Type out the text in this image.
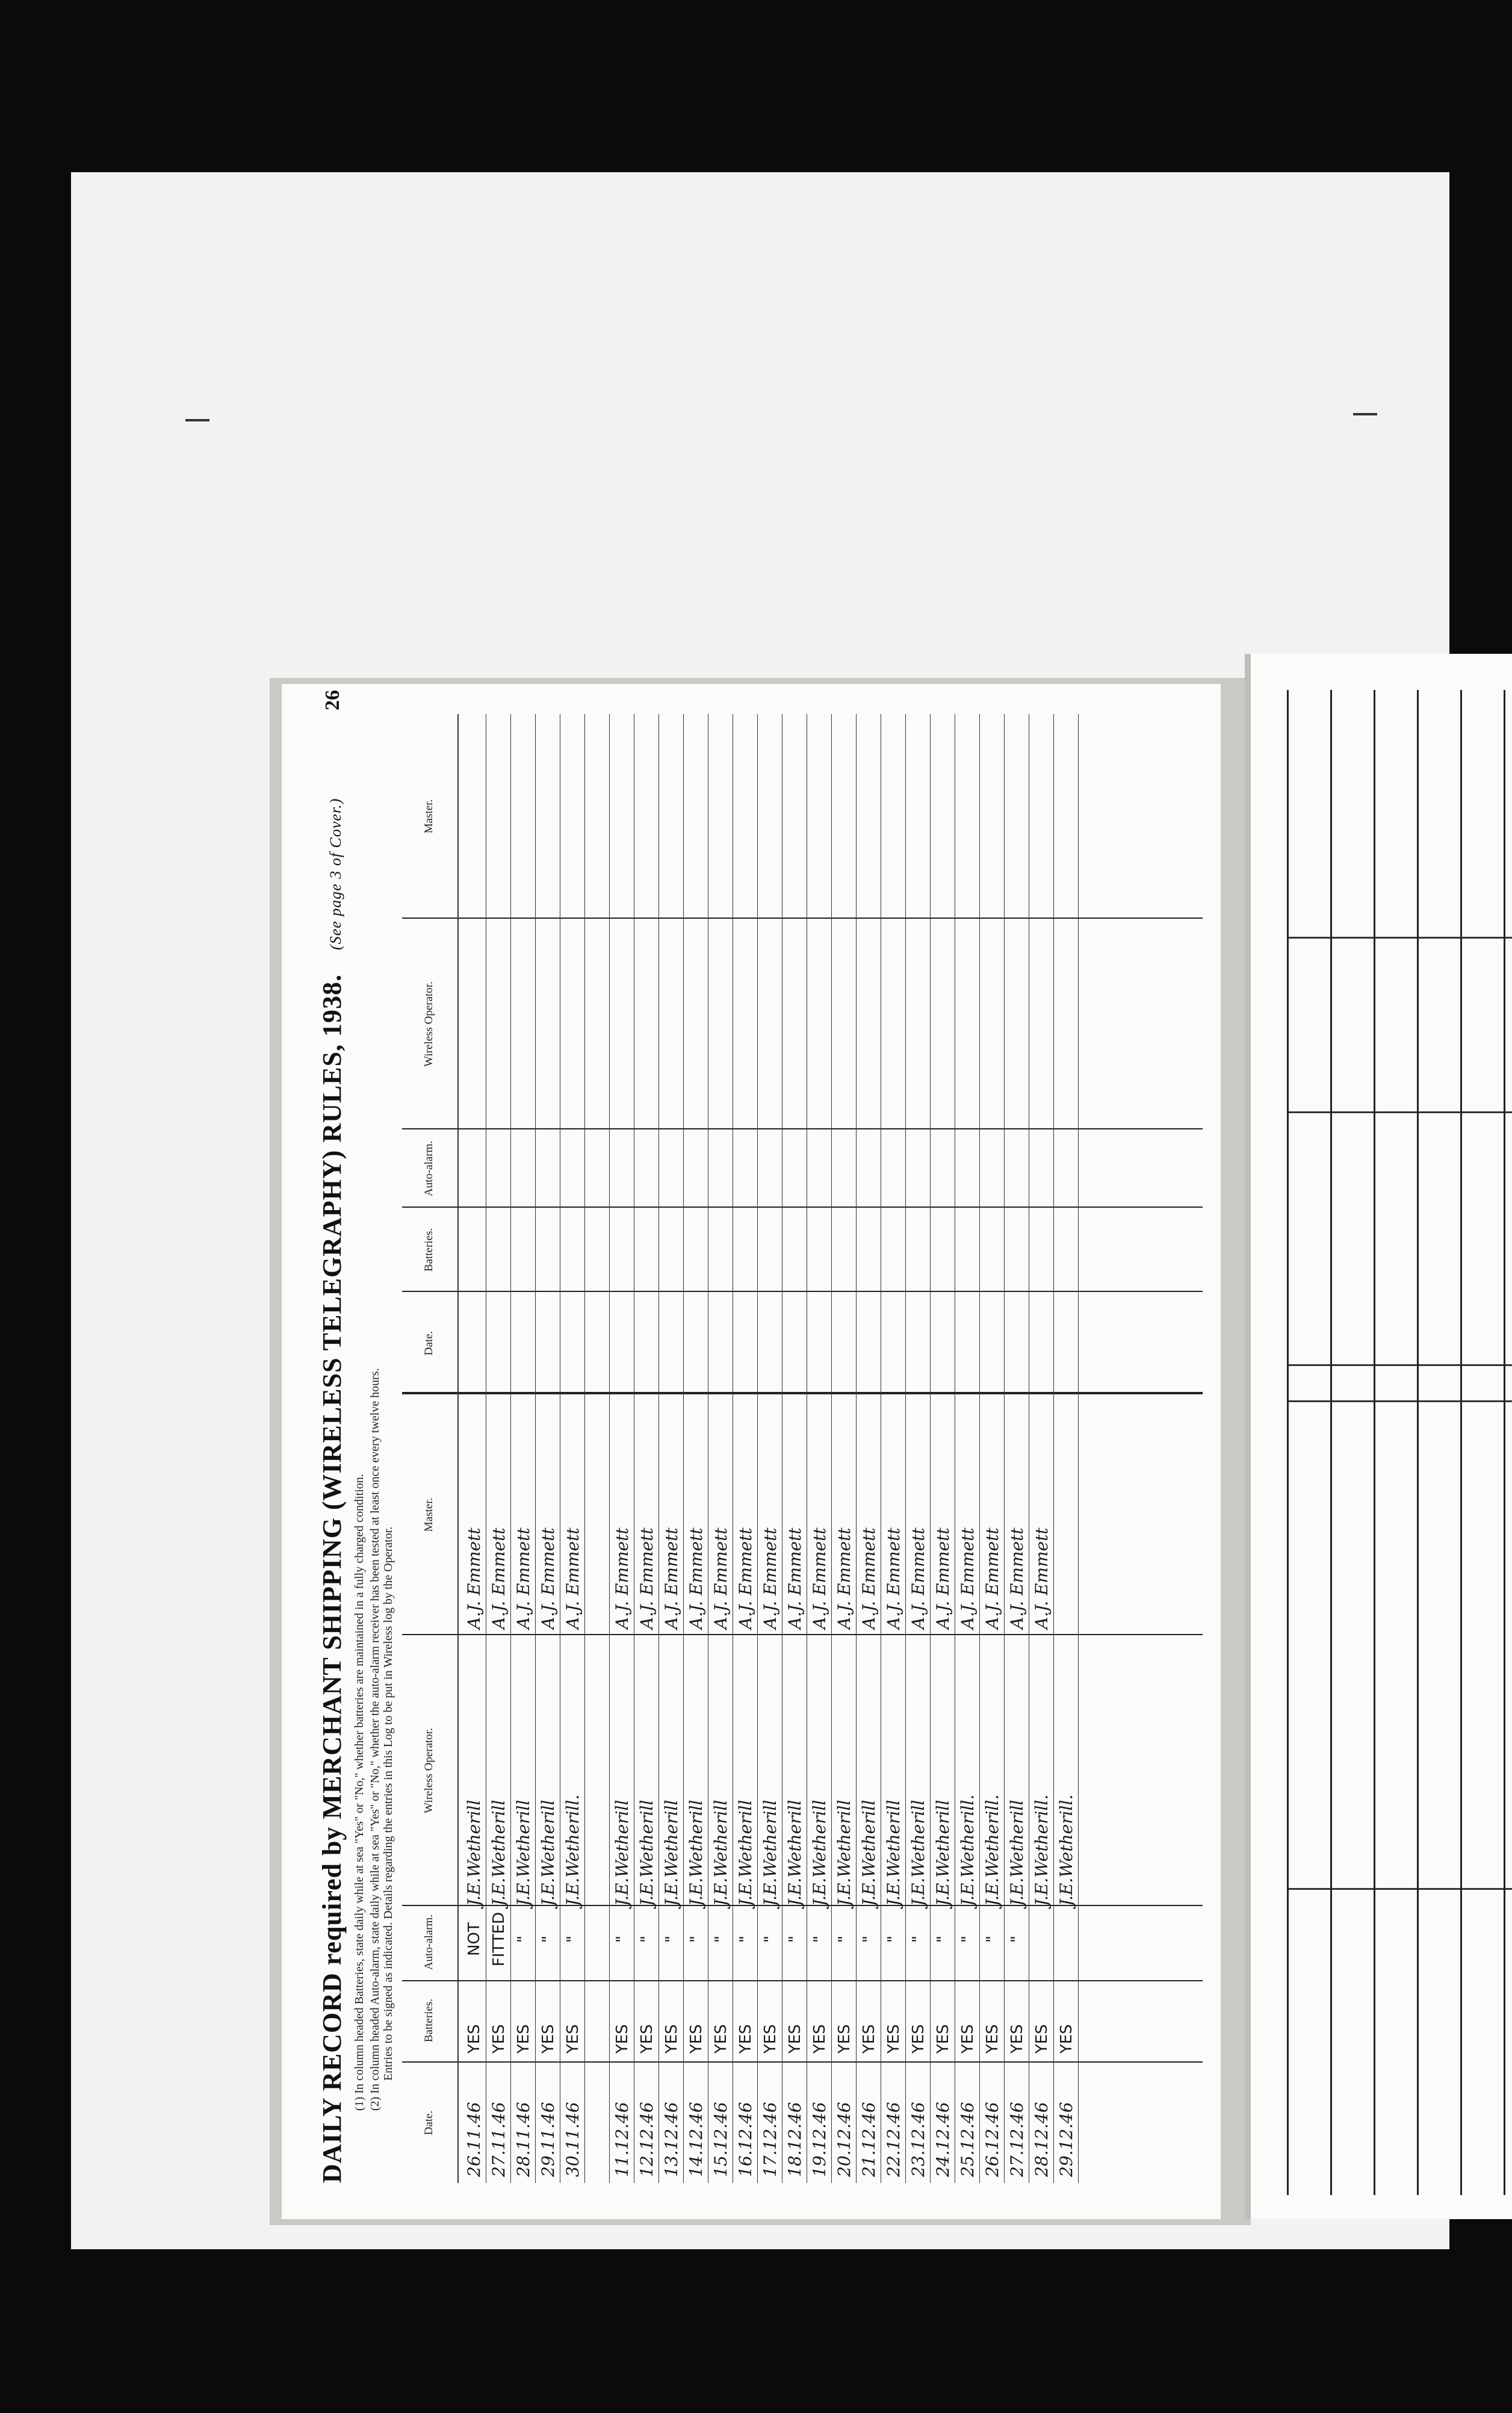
DAILY RECORD required by MERCHANT SHIPPING (WIRELESS TELEGRAPHY) RULES, 1938.(See page 3 of Cover.)
26
(1) In column headed Batteries, state daily while at sea "Yes" or "No," whether batteries are maintained in a fully charged condition. (2) In column headed Auto-alarm, state daily while at sea "Yes" or "No," whether the auto-alarm receiver has been tested at least once every twelve hours. Entries to be signed as indicated. Details regarding the entries in this Log to be put in Wireless log by the Operator.
Date.
Batteries.
Auto-alarm.
Wireless Operator.
Master.
Date.
Batteries.
Auto-alarm.
Wireless Operator.
Master.
26.11.46
YES
NOT
J.E.Wetherill
A.J. Emmett
27.11.46
YES
FITTED
J.E.Wetherill
A.J. Emmett
28.11.46
YES
"
J.E.Wetherill
A.J. Emmett
29.11.46
YES
"
J.E.Wetherill
A.J. Emmett
30.11.46
YES
"
J.E.Wetherill.
A.J. Emmett
11.12.46
YES
"
J.E.Wetherill
A.J. Emmett
12.12.46
YES
"
J.E.Wetherill
A.J. Emmett
13.12.46
YES
"
J.E.Wetherill
A.J. Emmett
14.12.46
YES
"
J.E.Wetherill
A.J. Emmett
15.12.46
YES
"
J.E.Wetherill
A.J. Emmett
16.12.46
YES
"
J.E.Wetherill
A.J. Emmett
17.12.46
YES
"
J.E.Wetherill
A.J. Emmett
18.12.46
YES
"
J.E.Wetherill
A.J. Emmett
19.12.46
YES
"
J.E.Wetherill
A.J. Emmett
20.12.46
YES
"
J.E.Wetherill
A.J. Emmett
21.12.46
YES
"
J.E.Wetherill
A.J. Emmett
22.12.46
YES
"
J.E.Wetherill
A.J. Emmett
23.12.46
YES
"
J.E.Wetherill
A.J. Emmett
24.12.46
YES
"
J.E.Wetherill
A.J. Emmett
25.12.46
YES
"
J.E.Wetherill.
A.J. Emmett
26.12.46
YES
"
J.E.Wetherill.
A.J. Emmett
27.12.46
YES
"
J.E.Wetherill
A.J. Emmett
28.12.46
YES
J.E.Wetherill.
A.J. Emmett
29.12.46
YES
J.E.Wetherill.
